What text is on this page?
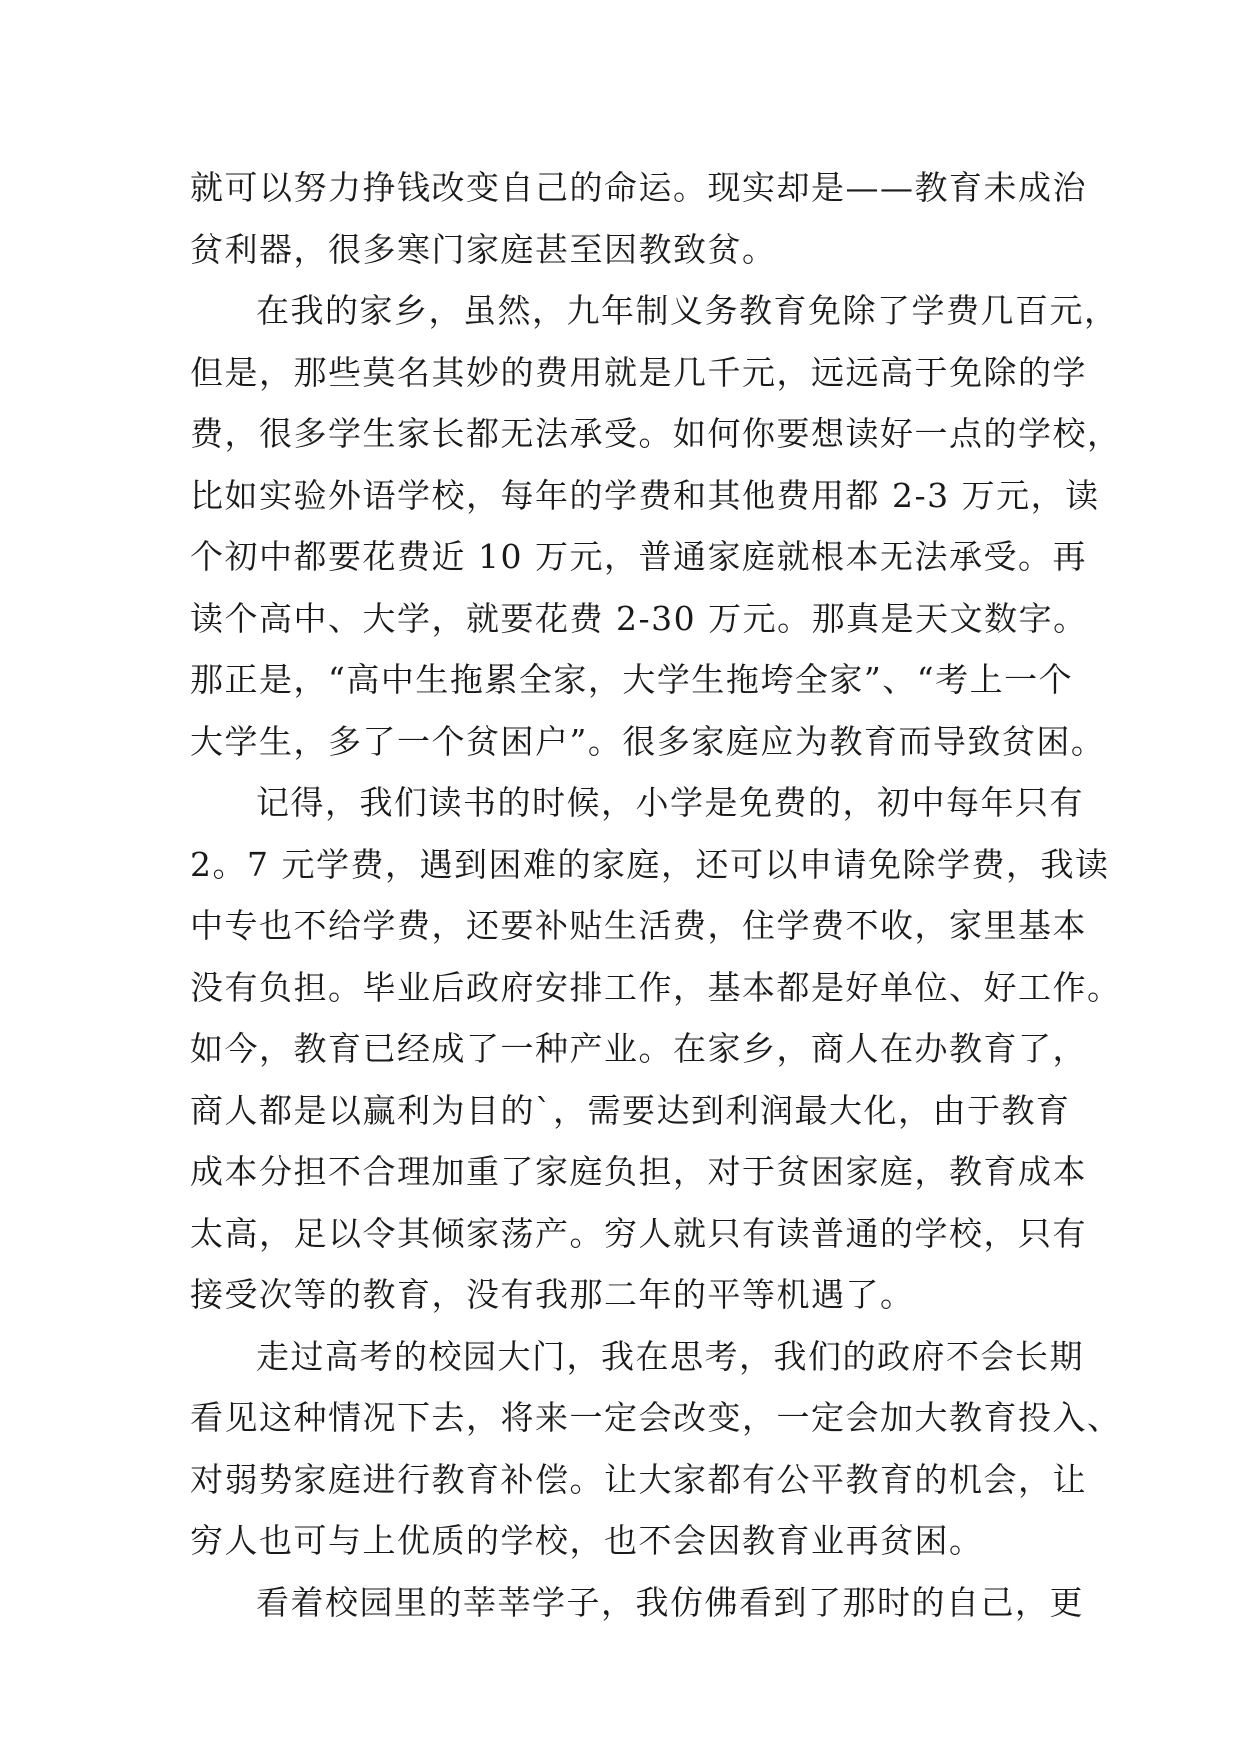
就可以努力挣钱改变自己的命运。现实却是——教育未成治
贫利器，很多寒门家庭甚至因教致贫。
在我的家乡，虽然，九年制义务教育免除了学费几百元，
但是，那些莫名其妙的费用就是几千元，远远高于免除的学
费，很多学生家长都无法承受。如何你要想读好一点的学校，
比如实验外语学校，每年的学费和其他费用都 2-3 万元，读
个初中都要花费近 10 万元，普通家庭就根本无法承受。再
读个高中、大学，就要花费 2-30 万元。那真是天文数字。
那正是，“高中生拖累全家，大学生拖垮全家”、“考上一个
大学生，多了一个贫困户”。很多家庭应为教育而导致贫困。
记得，我们读书的时候，小学是免费的，初中每年只有
2。7 元学费，遇到困难的家庭，还可以申请免除学费，我读
中专也不给学费，还要补贴生活费，住学费不收，家里基本
没有负担。毕业后政府安排工作，基本都是好单位、好工作。
如今，教育已经成了一种产业。在家乡，商人在办教育了，
商人都是以赢利为目的`，需要达到利润最大化，由于教育
成本分担不合理加重了家庭负担，对于贫困家庭，教育成本
太高，足以令其倾家荡产。穷人就只有读普通的学校，只有
接受次等的教育，没有我那二年的平等机遇了。
走过高考的校园大门，我在思考，我们的政府不会长期
看见这种情况下去，将来一定会改变，一定会加大教育投入、
对弱势家庭进行教育补偿。让大家都有公平教育的机会，让
穷人也可与上优质的学校，也不会因教育业再贫困。
看着校园里的莘莘学子，我仿佛看到了那时的自己，更
